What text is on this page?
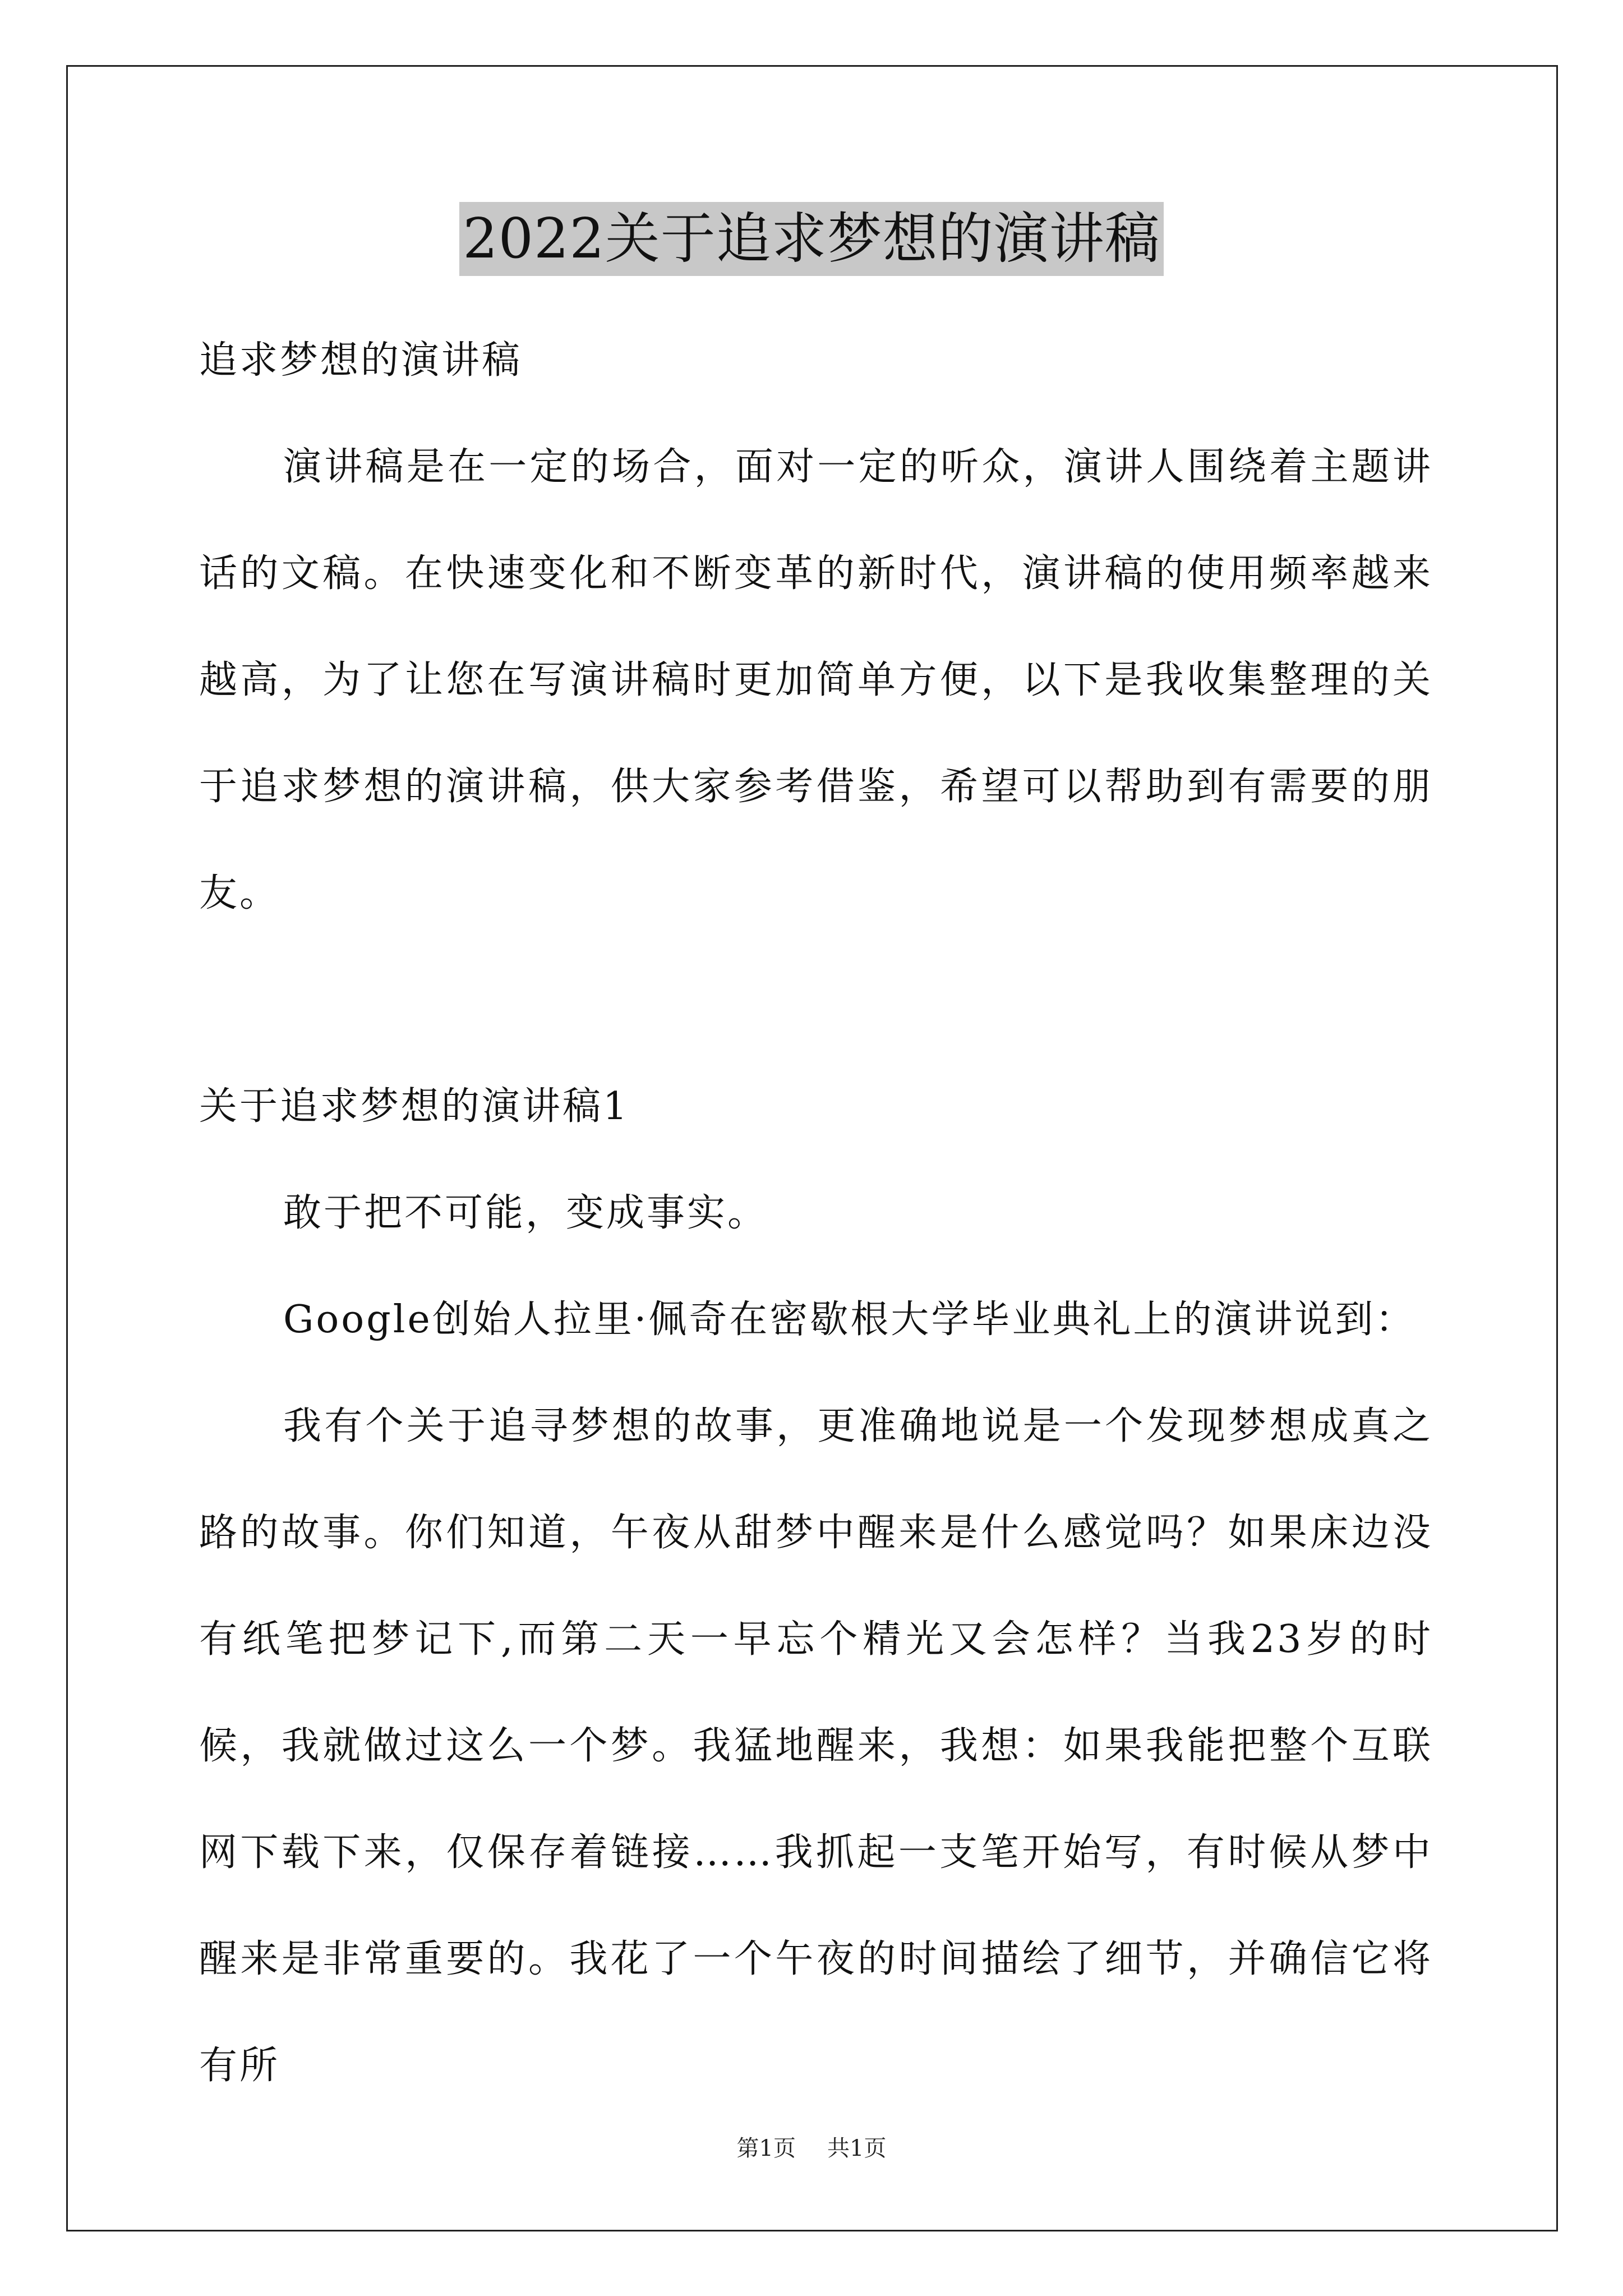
2022关于追求梦想的演讲稿

追求梦想的演讲稿

演讲稿是在一定的场合，面对一定的听众，演讲人围绕着主题讲话的文稿。在快速变化和不断变革的新时代，演讲稿的使用频率越来越高，为了让您在写演讲稿时更加简单方便，以下是我收集整理的关于追求梦想的演讲稿，供大家参考借鉴，希望可以帮助到有需要的朋友。

关于追求梦想的演讲稿1

敢于把不可能，变成事实。

Google创始人拉里·佩奇在密歇根大学毕业典礼上的演讲说到：

我有个关于追寻梦想的故事，更准确地说是一个发现梦想成真之路的故事。你们知道，午夜从甜梦中醒来是什么感觉吗？如果床边没有纸笔把梦记下,而第二天一早忘个精光又会怎样？当我23岁的时候，我就做过这么一个梦。我猛地醒来，我想：如果我能把整个互联网下载下来，仅保存着链接……我抓起一支笔开始写，有时候从梦中醒来是非常重要的。我花了一个午夜的时间描绘了细节，并确信它将有所

第1页 共1页
